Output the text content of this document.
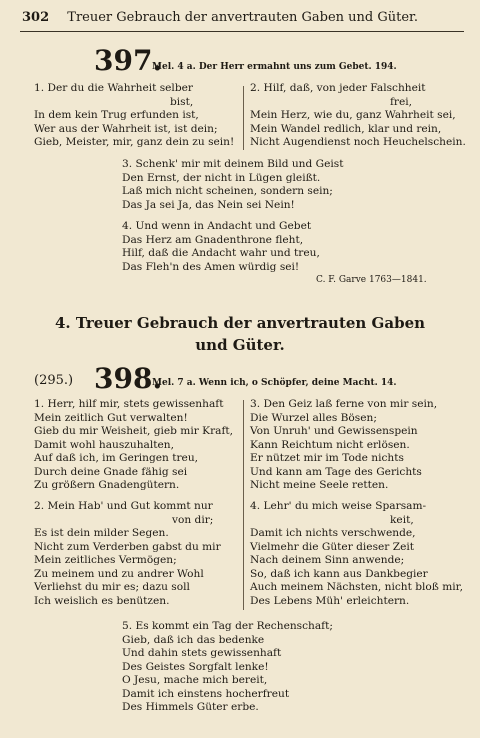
302 Treuer Gebrauch der anvertrauten Gaben und Güter.
397.
Mel. 4 a. Der Herr ermahnt uns zum Gebet. 194.
1. Der du die Wahrheit selber
bist,
In dem kein Trug erfunden ist,
Wer aus der Wahrheit ist, ist dein;
Gieb, Meister, mir, ganz dein zu sein!
2. Hilf, daß, von jeder Falschheit
frei,
Mein Herz, wie du, ganz Wahrheit sei,
Mein Wandel redlich, klar und rein,
Nicht Augendienst noch Heuchelschein.
3. Schenk' mir mit deinem Bild und Geist
Den Ernst, der nicht in Lügen gleißt.
Laß mich nicht scheinen, sondern sein;
Das Ja sei Ja, das Nein sei Nein!
4. Und wenn in Andacht und Gebet
Das Herz am Gnadenthrone fleht,
Hilf, daß die Andacht wahr und treu,
Das Fleh'n des Amen würdig sei!
C. F. Garve 1763—1841.
4. Treuer Gebrauch der anvertrauten Gaben
und Güter.
(295.) 398.
Mel. 7 a. Wenn ich, o Schöpfer, deine Macht. 14.
1. Herr, hilf mir, stets gewissenhaft
Mein zeitlich Gut verwalten!
Gieb du mir Weisheit, gieb mir Kraft,
Damit wohl hauszuhalten,
Auf daß ich, im Geringen treu,
Durch deine Gnade fähig sei
Zu größern Gnadengütern.
3. Den Geiz laß ferne von mir sein,
Die Wurzel alles Bösen;
Von Unruh' und Gewissenspein
Kann Reichtum nicht erlösen.
Er nützet mir im Tode nichts
Und kann am Tage des Gerichts
Nicht meine Seele retten.
2. Mein Hab' und Gut kommt nur
von dir;
Es ist dein milder Segen.
Nicht zum Verderben gabst du mir
Mein zeitliches Vermögen;
Zu meinem und zu andrer Wohl
Verliehst du mir es; dazu soll
Ich weislich es benützen.
4. Lehr' du mich weise Sparsam-
keit,
Damit ich nichts verschwende,
Vielmehr die Güter dieser Zeit
Nach deinem Sinn anwende;
So, daß ich kann aus Dankbegier
Auch meinem Nächsten, nicht bloß mir,
Des Lebens Müh' erleichtern.
5. Es kommt ein Tag der Rechenschaft;
Gieb, daß ich das bedenke
Und dahin stets gewissenhaft
Des Geistes Sorgfalt lenke!
O Jesu, mache mich bereit,
Damit ich einstens hocherfreut
Des Himmels Güter erbe.
